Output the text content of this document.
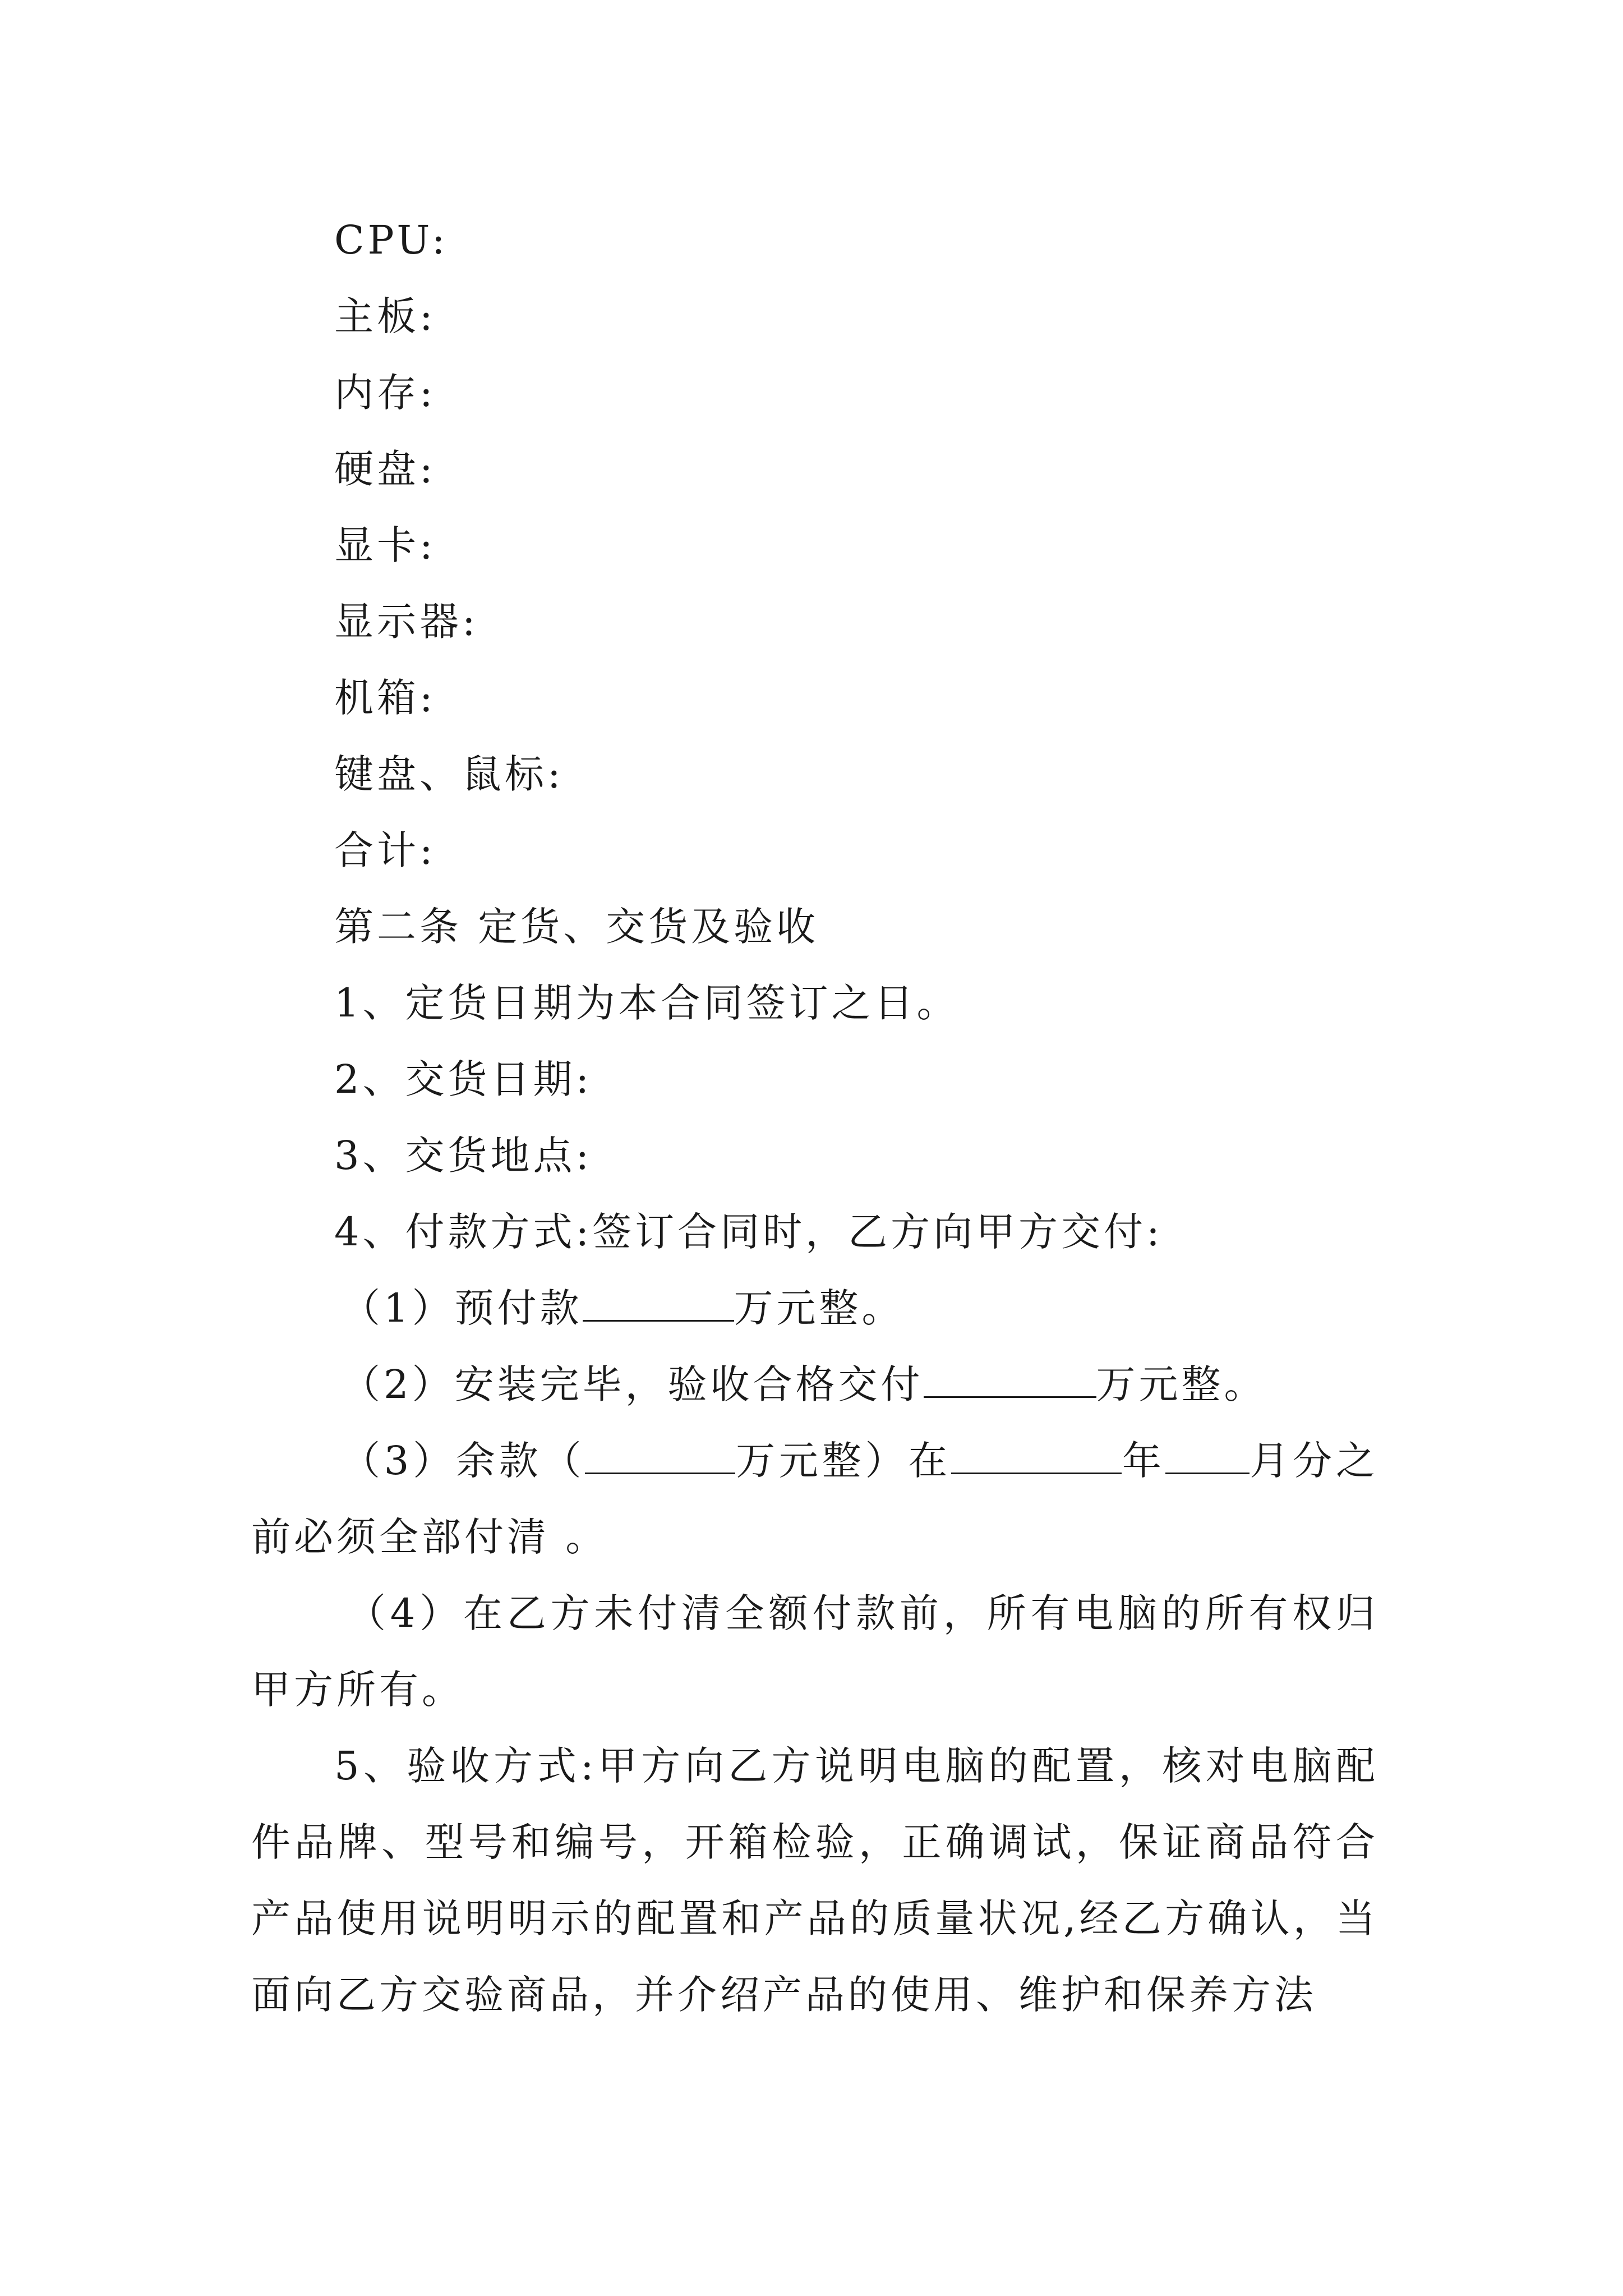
CPU:

主板:

内存:

硬盘:

显卡:

显示器:

机箱:

键盘、鼠标:

合计:

第二条 定货、交货及验收

1、定货日期为本合同签订之日。

2、交货日期:

3、交货地点:

4、付款方式:签订合同时，乙方向甲方交付:

（1）预付款	万元整。

（2）安装完毕，验收合格交付	万元整。

（3）余款（	万元整）在	年 月分之前必须全部付清 。

（4）在乙方未付清全额付款前，所有电脑的所有权归甲方所有。

5、验收方式:甲方向乙方说明电脑的配置，核对电脑配件品牌、型号和编号，开箱检验，正确调试，保证商品符合产品使用说明明示的配置和产品的质量状况,经乙方确认，当面向乙方交验商品，并介绍产品的使用、维护和保养方法
